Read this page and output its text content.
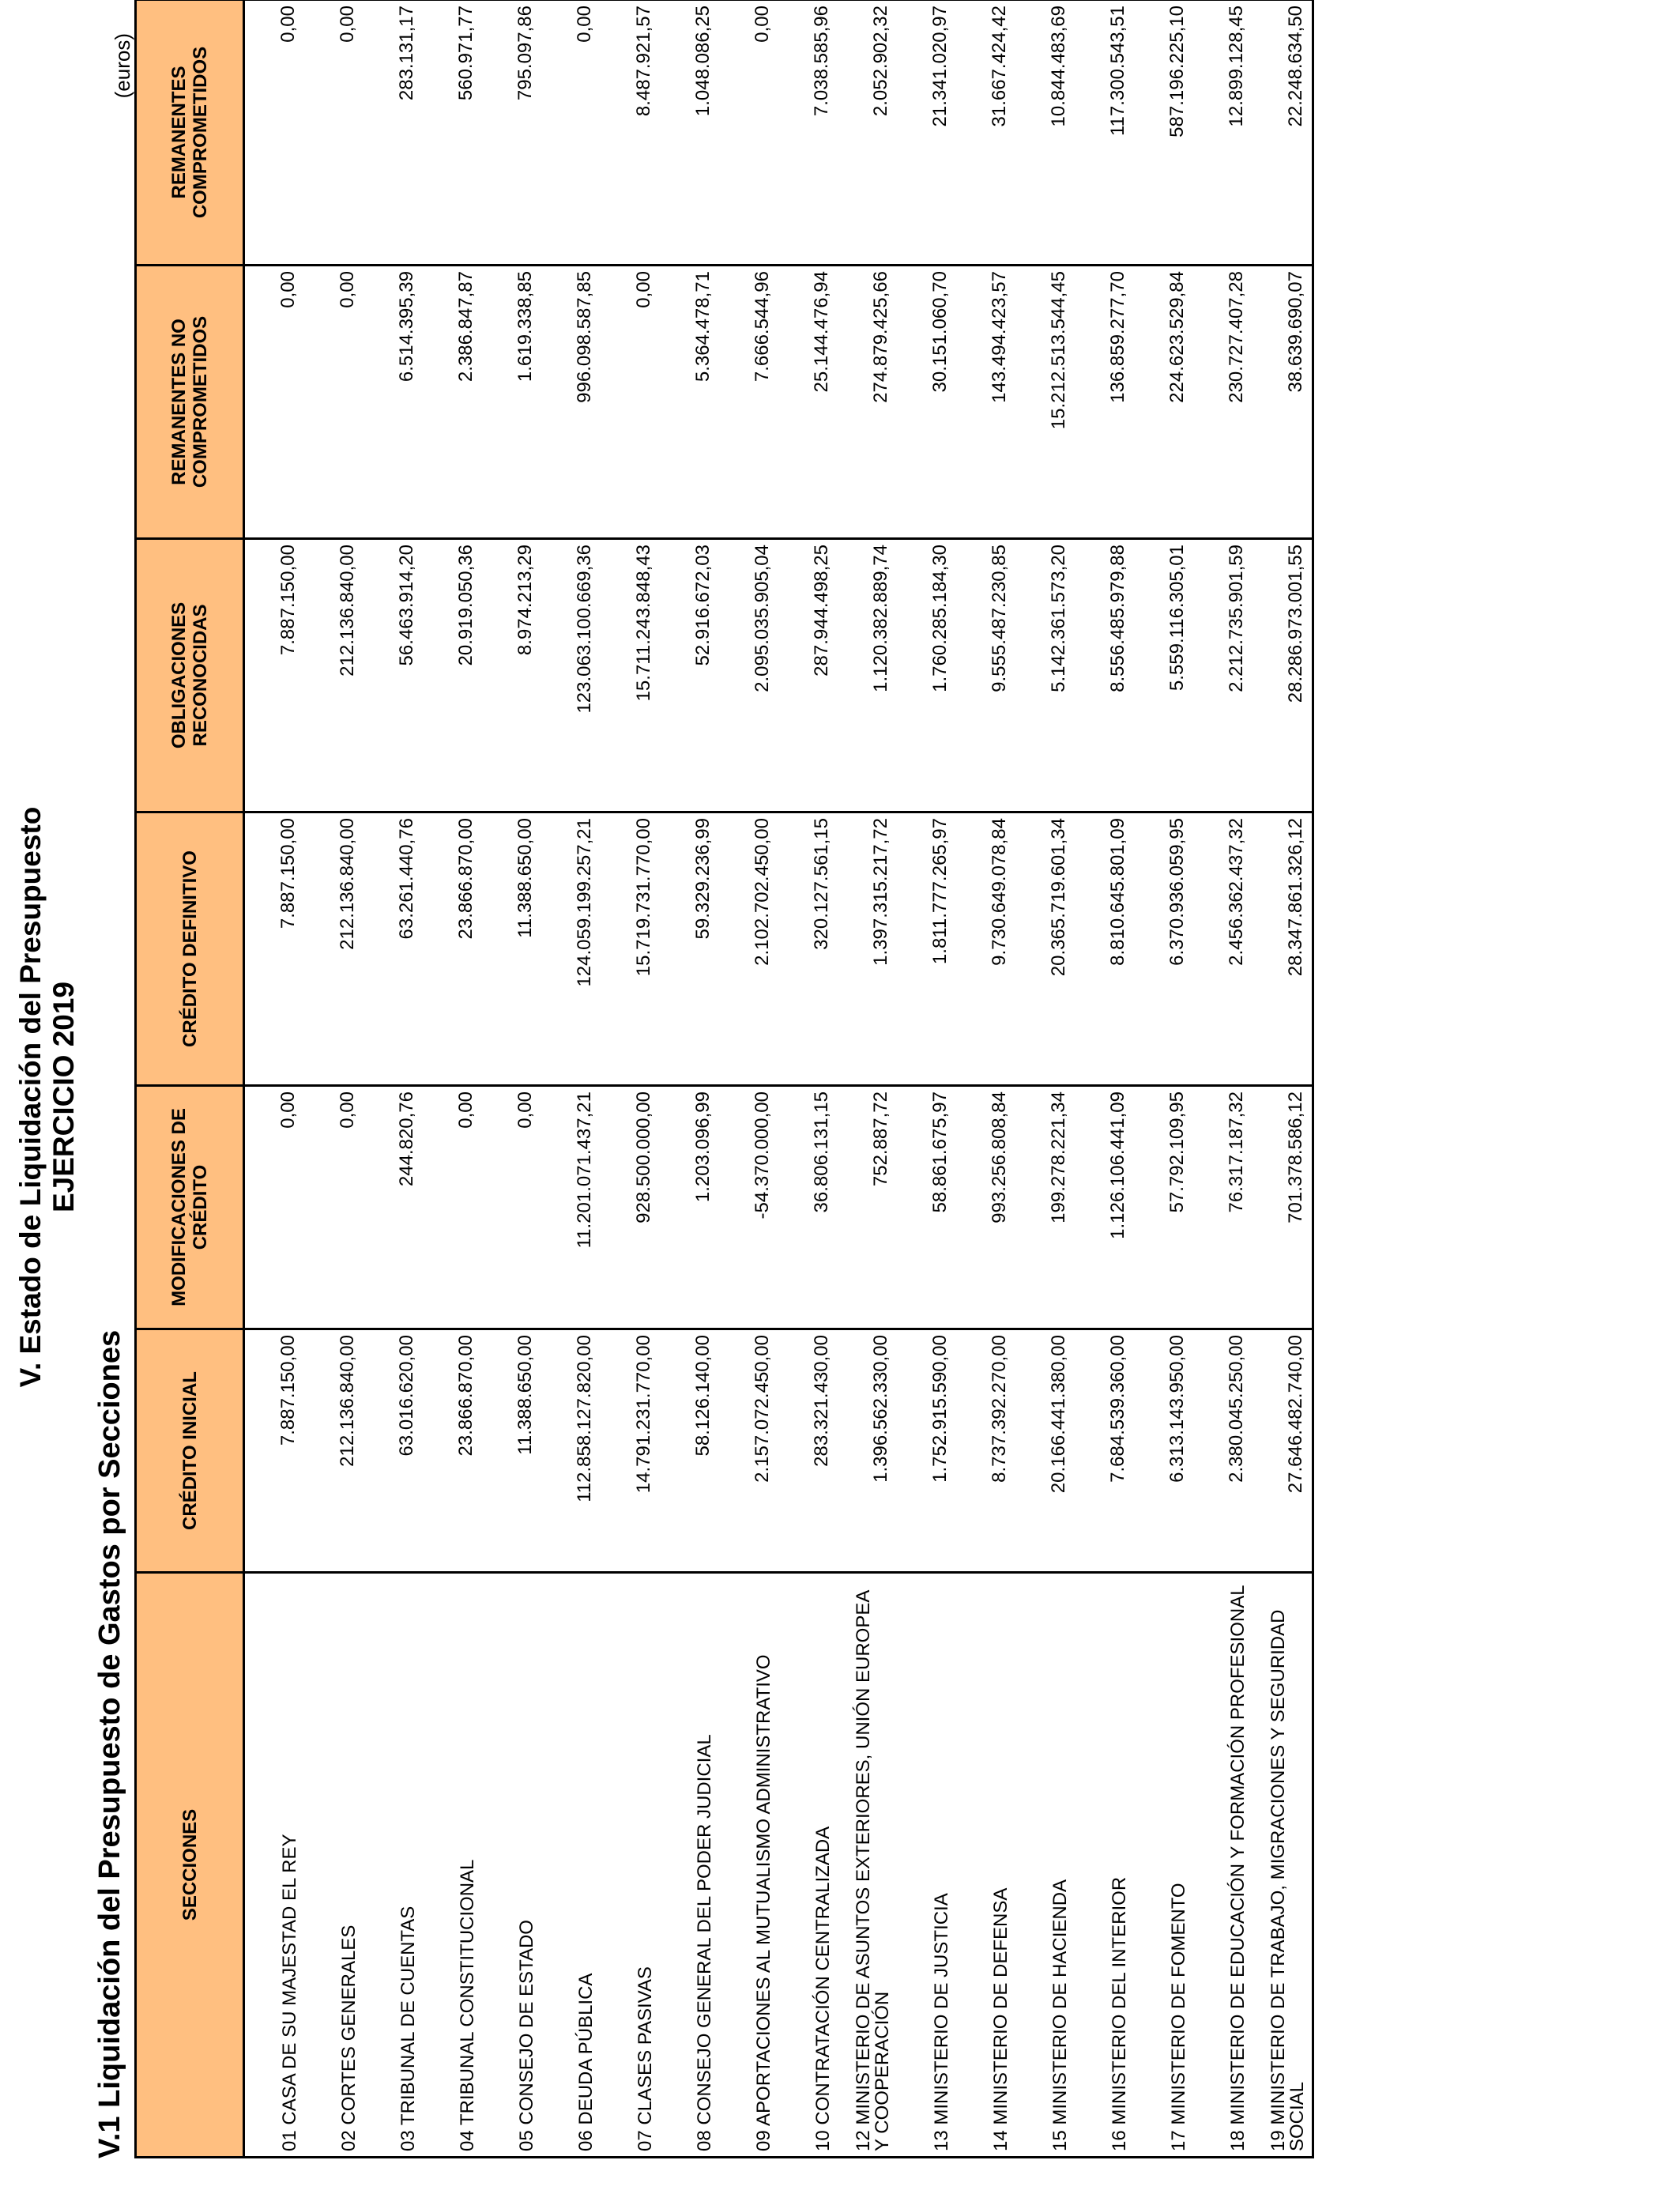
V. Estado de Liquidación del Presupuesto EJERCICIO 2019
V.1 Liquidación del Presupuesto de Gastos por Secciones
(euros)
SECCIONES	CRÉDITO INICIAL	MODIFICACIONES DE CRÉDITO	CRÉDITO DEFINITIVO	OBLIGACIONES RECONOCIDAS	REMANENTES NO COMPROMETIDOS	REMANENTES COMPROMETIDOS
01 CASA DE SU MAJESTAD EL REY	7.887.150,00	0,00	7.887.150,00	7.887.150,00	0,00	0,00
02 CORTES GENERALES	212.136.840,00	0,00	212.136.840,00	212.136.840,00	0,00	0,00
03 TRIBUNAL DE CUENTAS	63.016.620,00	244.820,76	63.261.440,76	56.463.914,20	6.514.395,39	283.131,17
04 TRIBUNAL CONSTITUCIONAL	23.866.870,00	0,00	23.866.870,00	20.919.050,36	2.386.847,87	560.971,77
05 CONSEJO DE ESTADO	11.388.650,00	0,00	11.388.650,00	8.974.213,29	1.619.338,85	795.097,86
06 DEUDA PÚBLICA	112.858.127.820,00	11.201.071.437,21	124.059.199.257,21	123.063.100.669,36	996.098.587,85	0,00
07 CLASES PASIVAS	14.791.231.770,00	928.500.000,00	15.719.731.770,00	15.711.243.848,43	0,00	8.487.921,57
08 CONSEJO GENERAL DEL PODER JUDICIAL	58.126.140,00	1.203.096,99	59.329.236,99	52.916.672,03	5.364.478,71	1.048.086,25
09 APORTACIONES AL MUTUALISMO ADMINISTRATIVO	2.157.072.450,00	-54.370.000,00	2.102.702.450,00	2.095.035.905,04	7.666.544,96	0,00
10 CONTRATACIÓN CENTRALIZADA	283.321.430,00	36.806.131,15	320.127.561,15	287.944.498,25	25.144.476,94	7.038.585,96
12 MINISTERIO DE ASUNTOS EXTERIORES, UNIÓN EUROPEA Y COOPERACIÓN	1.396.562.330,00	752.887,72	1.397.315.217,72	1.120.382.889,74	274.879.425,66	2.052.902,32
13 MINISTERIO DE JUSTICIA	1.752.915.590,00	58.861.675,97	1.811.777.265,97	1.760.285.184,30	30.151.060,70	21.341.020,97
14 MINISTERIO DE DEFENSA	8.737.392.270,00	993.256.808,84	9.730.649.078,84	9.555.487.230,85	143.494.423,57	31.667.424,42
15 MINISTERIO DE HACIENDA	20.166.441.380,00	199.278.221,34	20.365.719.601,34	5.142.361.573,20	15.212.513.544,45	10.844.483,69
16 MINISTERIO DEL INTERIOR	7.684.539.360,00	1.126.106.441,09	8.810.645.801,09	8.556.485.979,88	136.859.277,70	117.300.543,51
17 MINISTERIO DE FOMENTO	6.313.143.950,00	57.792.109,95	6.370.936.059,95	5.559.116.305,01	224.623.529,84	587.196.225,10
18 MINISTERIO DE EDUCACIÓN Y FORMACIÓN PROFESIONAL	2.380.045.250,00	76.317.187,32	2.456.362.437,32	2.212.735.901,59	230.727.407,28	12.899.128,45
19 MINISTERIO DE TRABAJO, MIGRACIONES Y SEGURIDAD SOCIAL	27.646.482.740,00	701.378.586,12	28.347.861.326,12	28.286.973.001,55	38.639.690,07	22.248.634,50
